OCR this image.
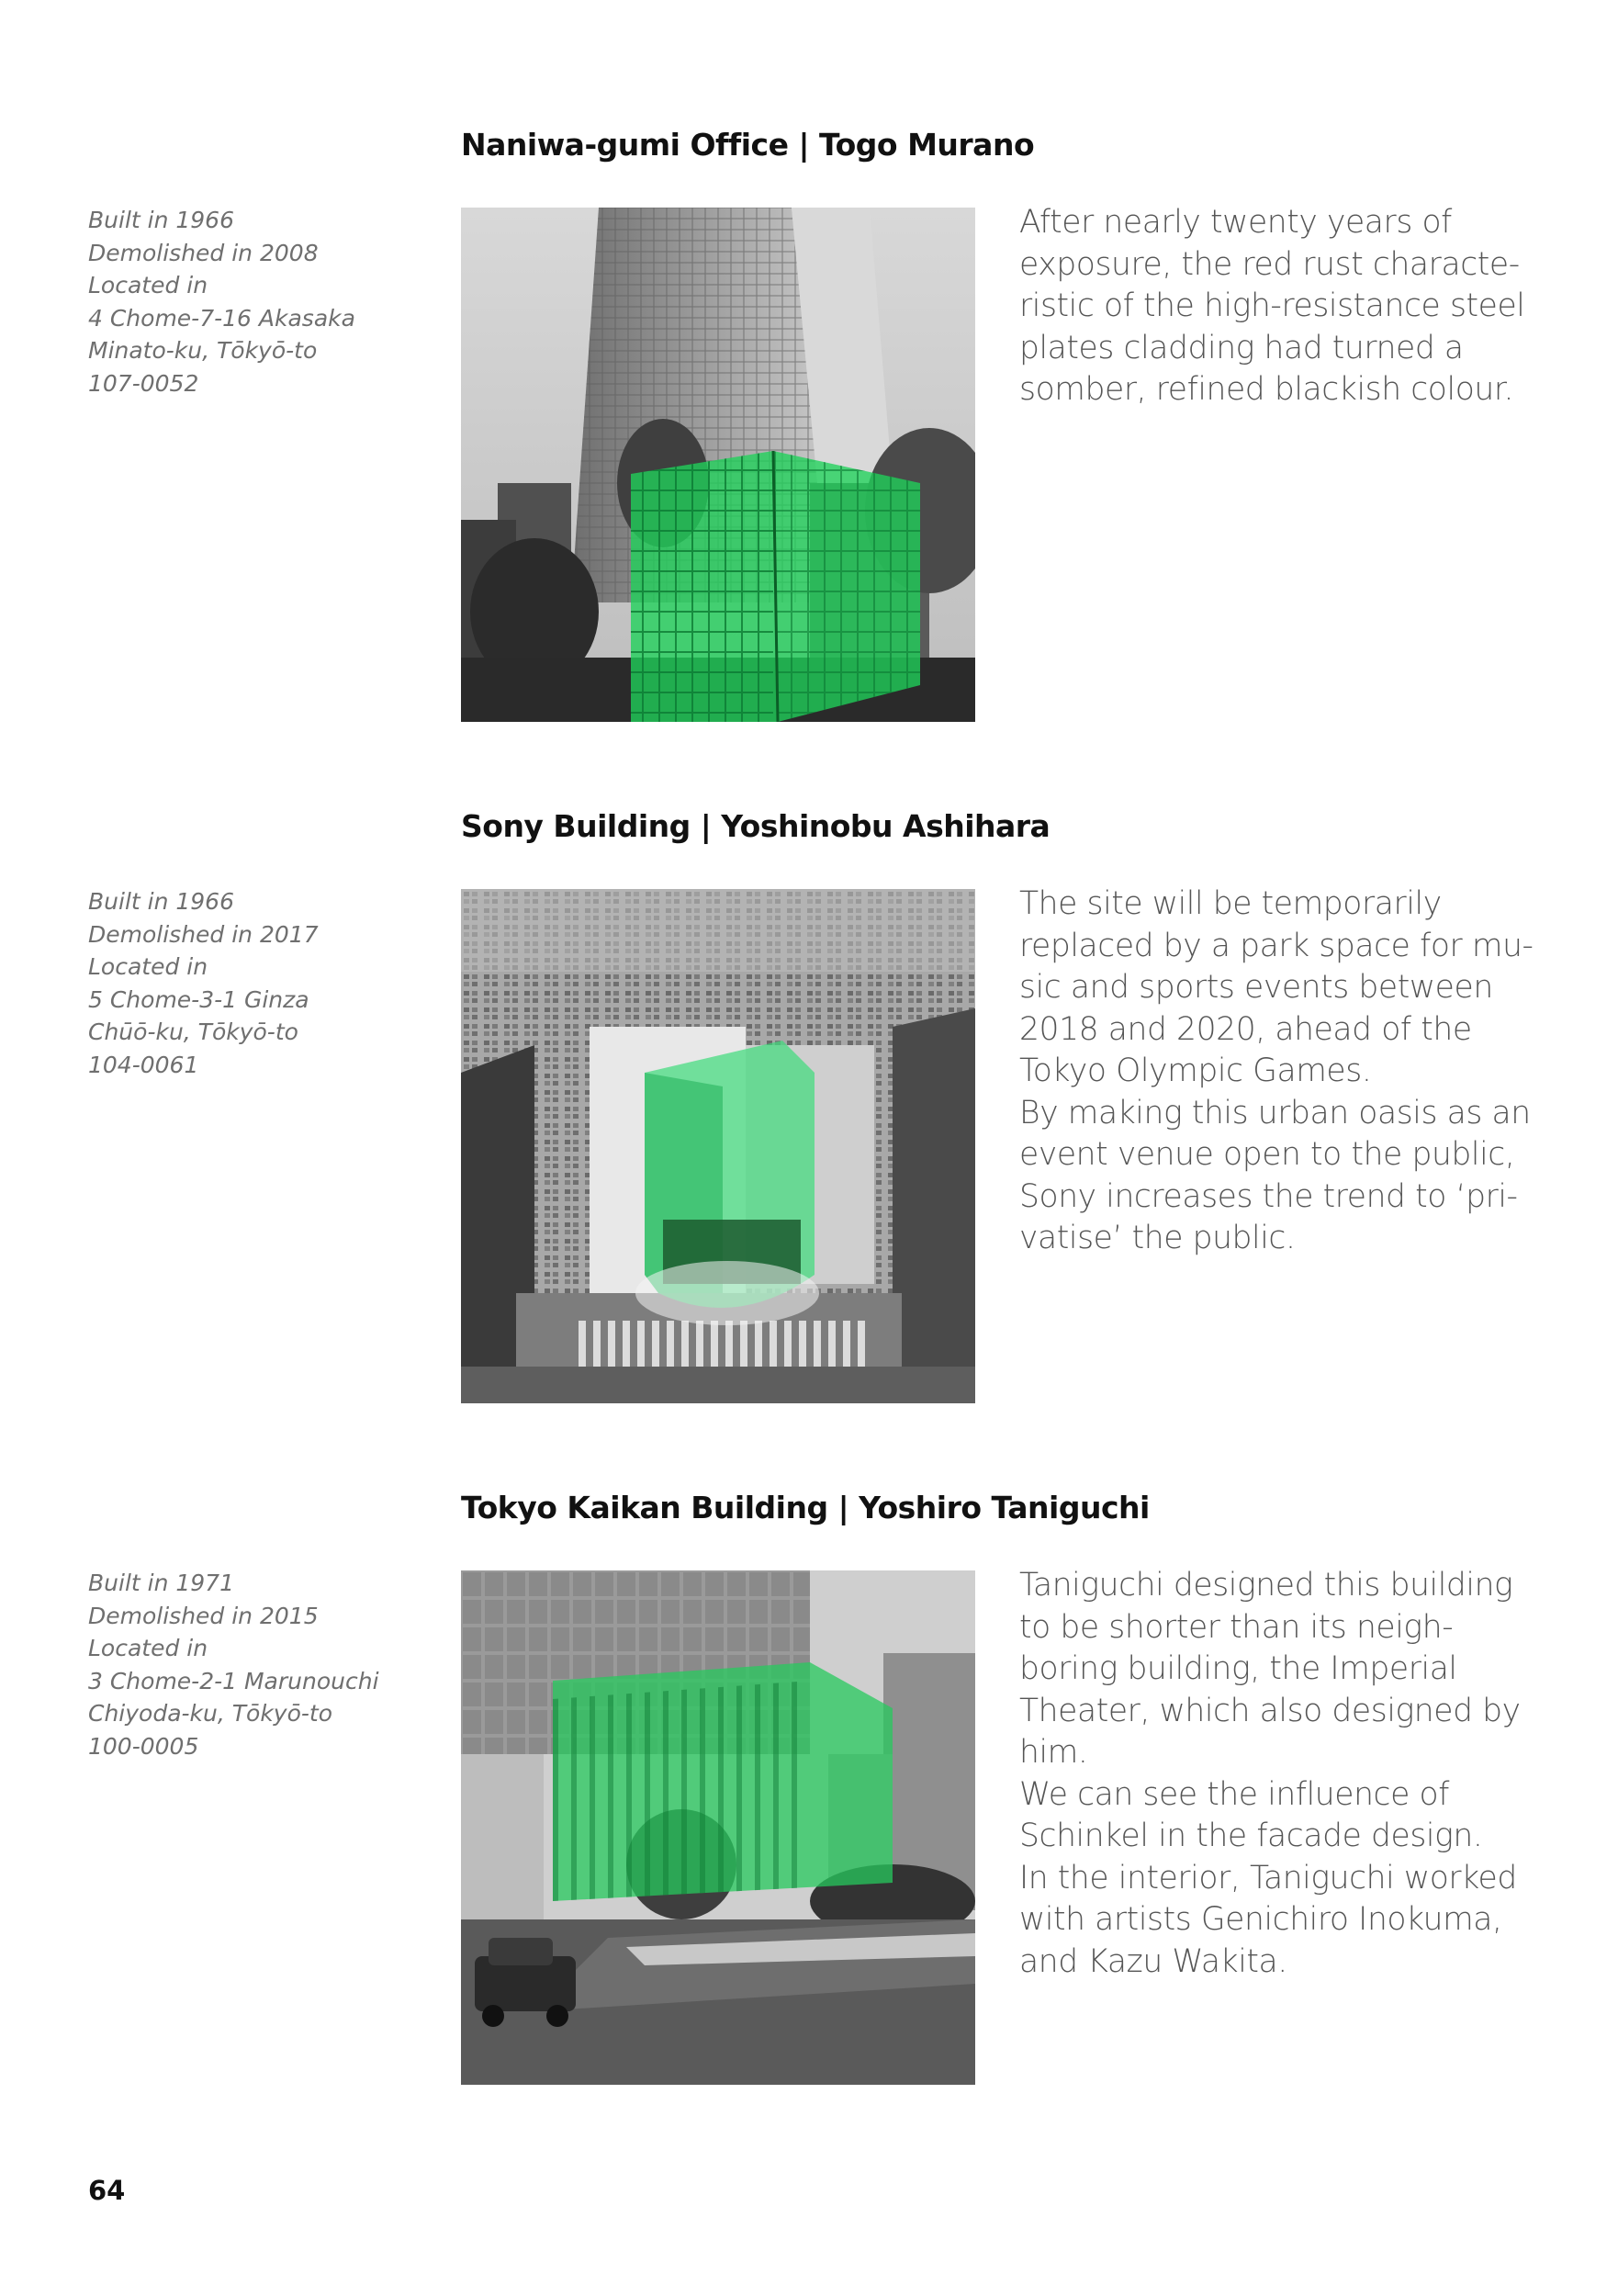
Naniwa-gumi Office | Togo Murano
Built in 1966
Demolished in 2008
Located in
4 Chome-7-16 Akasaka
Minato-ku, Tōkyō-to
107-0052
After nearly twenty years of
exposure, the red rust characte-
ristic of the high-resistance steel
plates cladding had turned a
somber, refined blackish colour.
Sony Building | Yoshinobu Ashihara
Built in 1966
Demolished in 2017
Located in
5 Chome-3-1 Ginza
Chūō-ku, Tōkyō-to
104-0061
The site will be temporarily
replaced by a park space for mu-
sic and sports events between
2018 and 2020, ahead of the
Tokyo Olympic Games.
By making this urban oasis as an
event venue open to the public,
Sony increases the trend to ‘pri-
vatise’ the public.
Tokyo Kaikan Building | Yoshiro Taniguchi
Built in 1971
Demolished in 2015
Located in
3 Chome-2-1 Marunouchi
Chiyoda-ku, Tōkyō-to
100-0005
Taniguchi designed this building
to be shorter than its neigh-
boring building, the Imperial
Theater, which also designed by
him.
We can see the influence of
Schinkel in the facade design.
In the interior, Taniguchi worked
with artists Genichiro Inokuma,
and Kazu Wakita.
64
